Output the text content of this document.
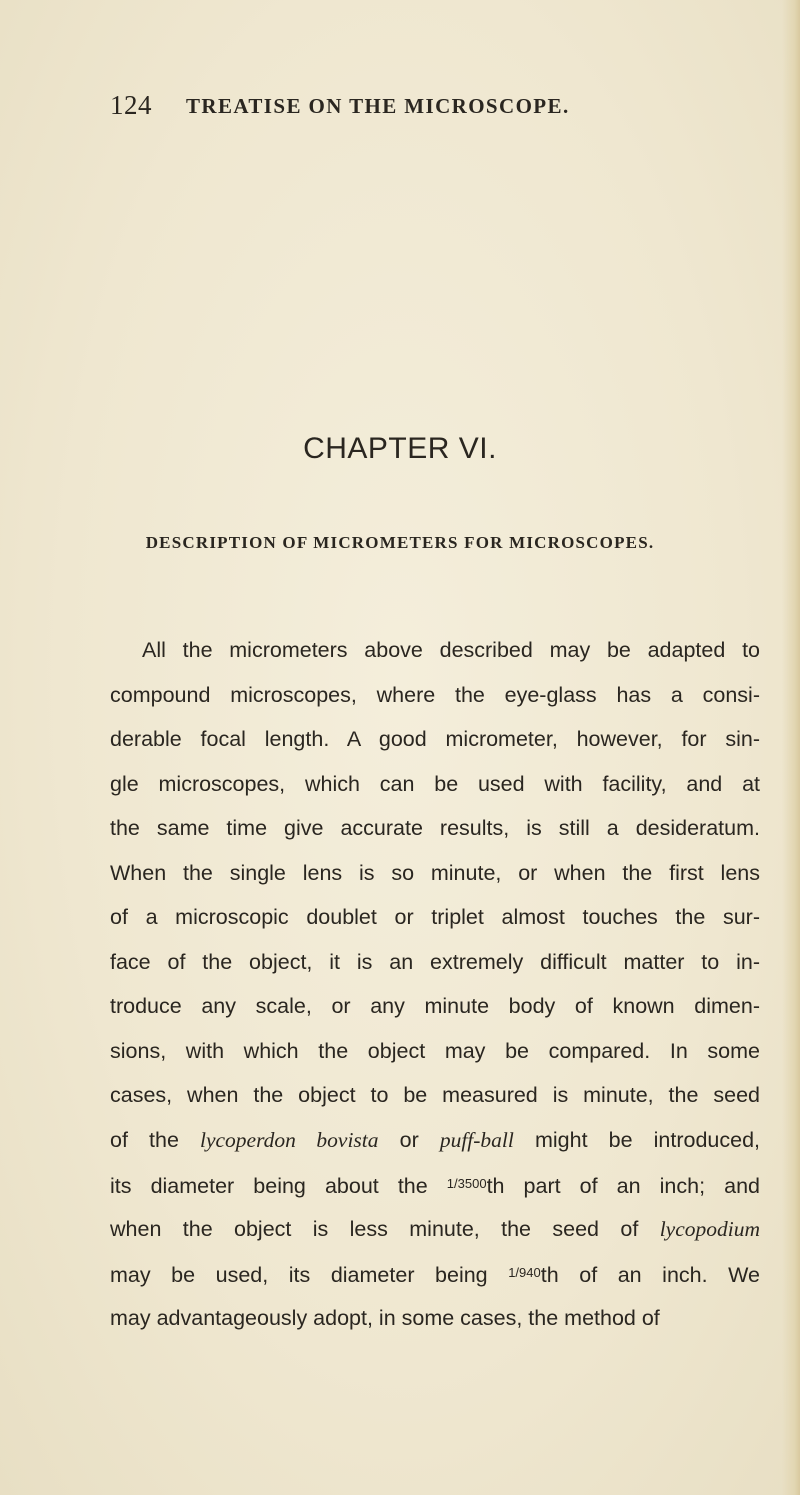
124 TREATISE ON THE MICROSCOPE.
CHAPTER VI.
DESCRIPTION OF MICROMETERS FOR MICROSCOPES.
All the micrometers above described may be adapted to
compound microscopes, where the eye-glass has a consi-
derable focal length. A good micrometer, however, for sin-
gle microscopes, which can be used with facility, and at
the same time give accurate results, is still a desideratum.
When the single lens is so minute, or when the first lens
of a microscopic doublet or triplet almost touches the sur-
face of the object, it is an extremely difficult matter to in-
troduce any scale, or any minute body of known dimen-
sions, with which the object may be compared. In some
cases, when the object to be measured is minute, the seed
of the lycoperdon bovista or puff-ball might be introduced,
its diameter being about the $^{1/3500}$th part of an inch; and
when the object is less minute, the seed of lycopodium
may be used, its diameter being $^{1/940}$th of an inch. We
may advantageously adopt, in some cases, the method of
